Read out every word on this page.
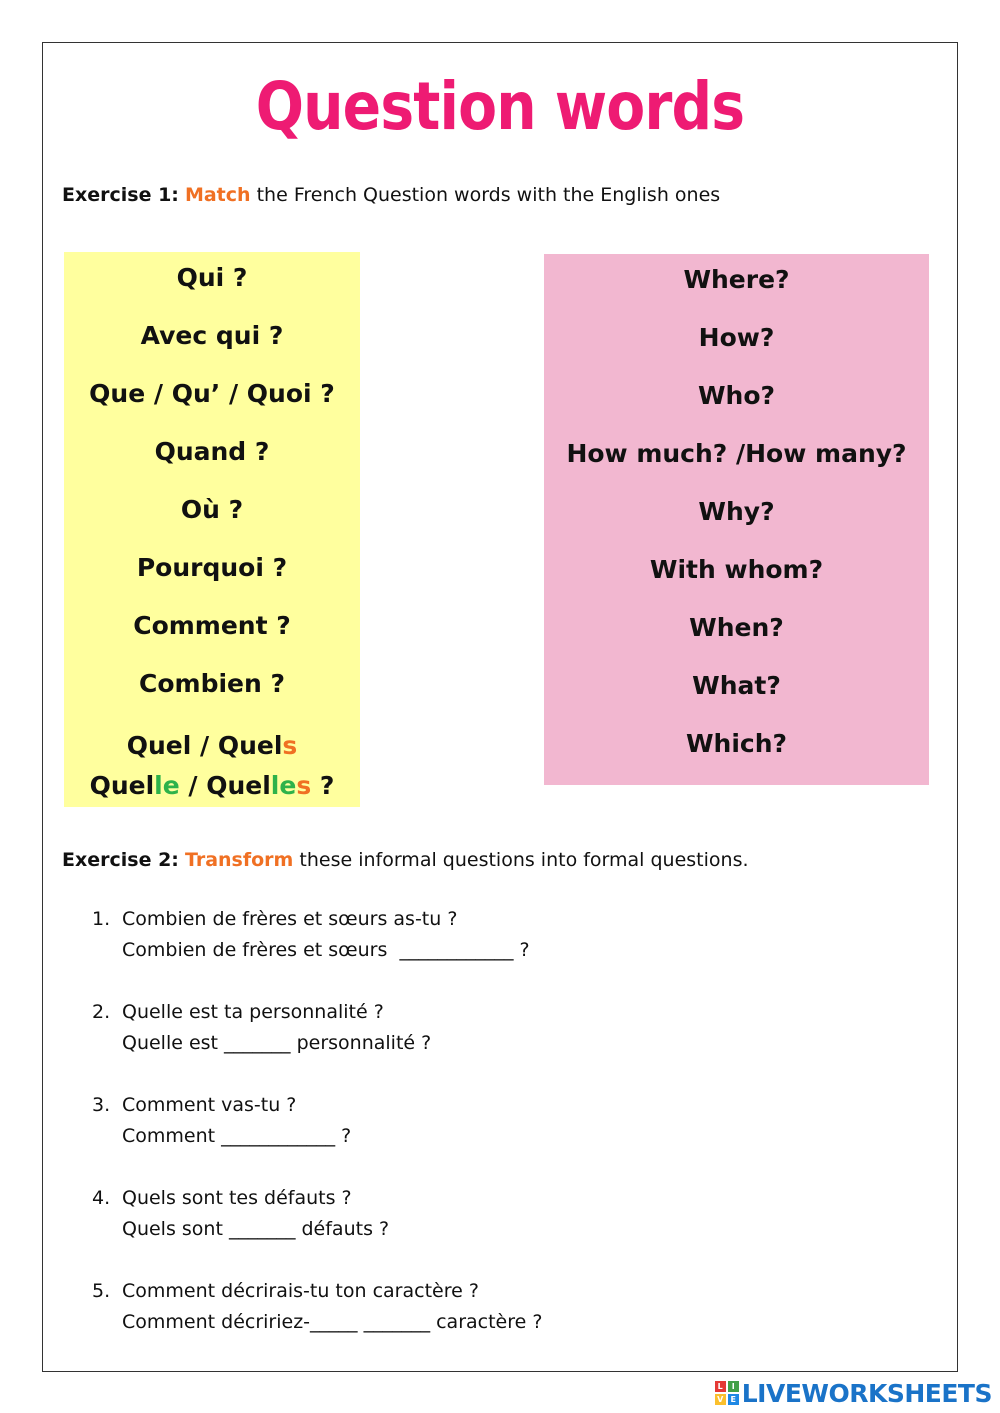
Question words
Exercise 1: Match the French Question words with the English ones
Qui ?
Avec qui ?
Que / Qu’ / Quoi ?
Quand ?
Où ?
Pourquoi ?
Comment ?
Combien ?
Quel / Quels
Quelle / Quelles ?
Where?
How?
Who?
How much? /How many?
Why?
With whom?
When?
What?
Which?
Exercise 2: Transform these informal questions into formal questions.
1. Combien de frères et sœurs as-tu ?
Combien de frères et sœurs  ____________ ?
2. Quelle est ta personnalité ?
Quelle est _______ personnalité ?
3. Comment vas-tu ?
Comment ____________ ?
4. Quels sont tes défauts ?
Quels sont _______ défauts ?
5. Comment décrirais-tu ton caractère ?
Comment décririez-_____ _______ caractère ?
L	I
V E LIVEWORKSHEETS
